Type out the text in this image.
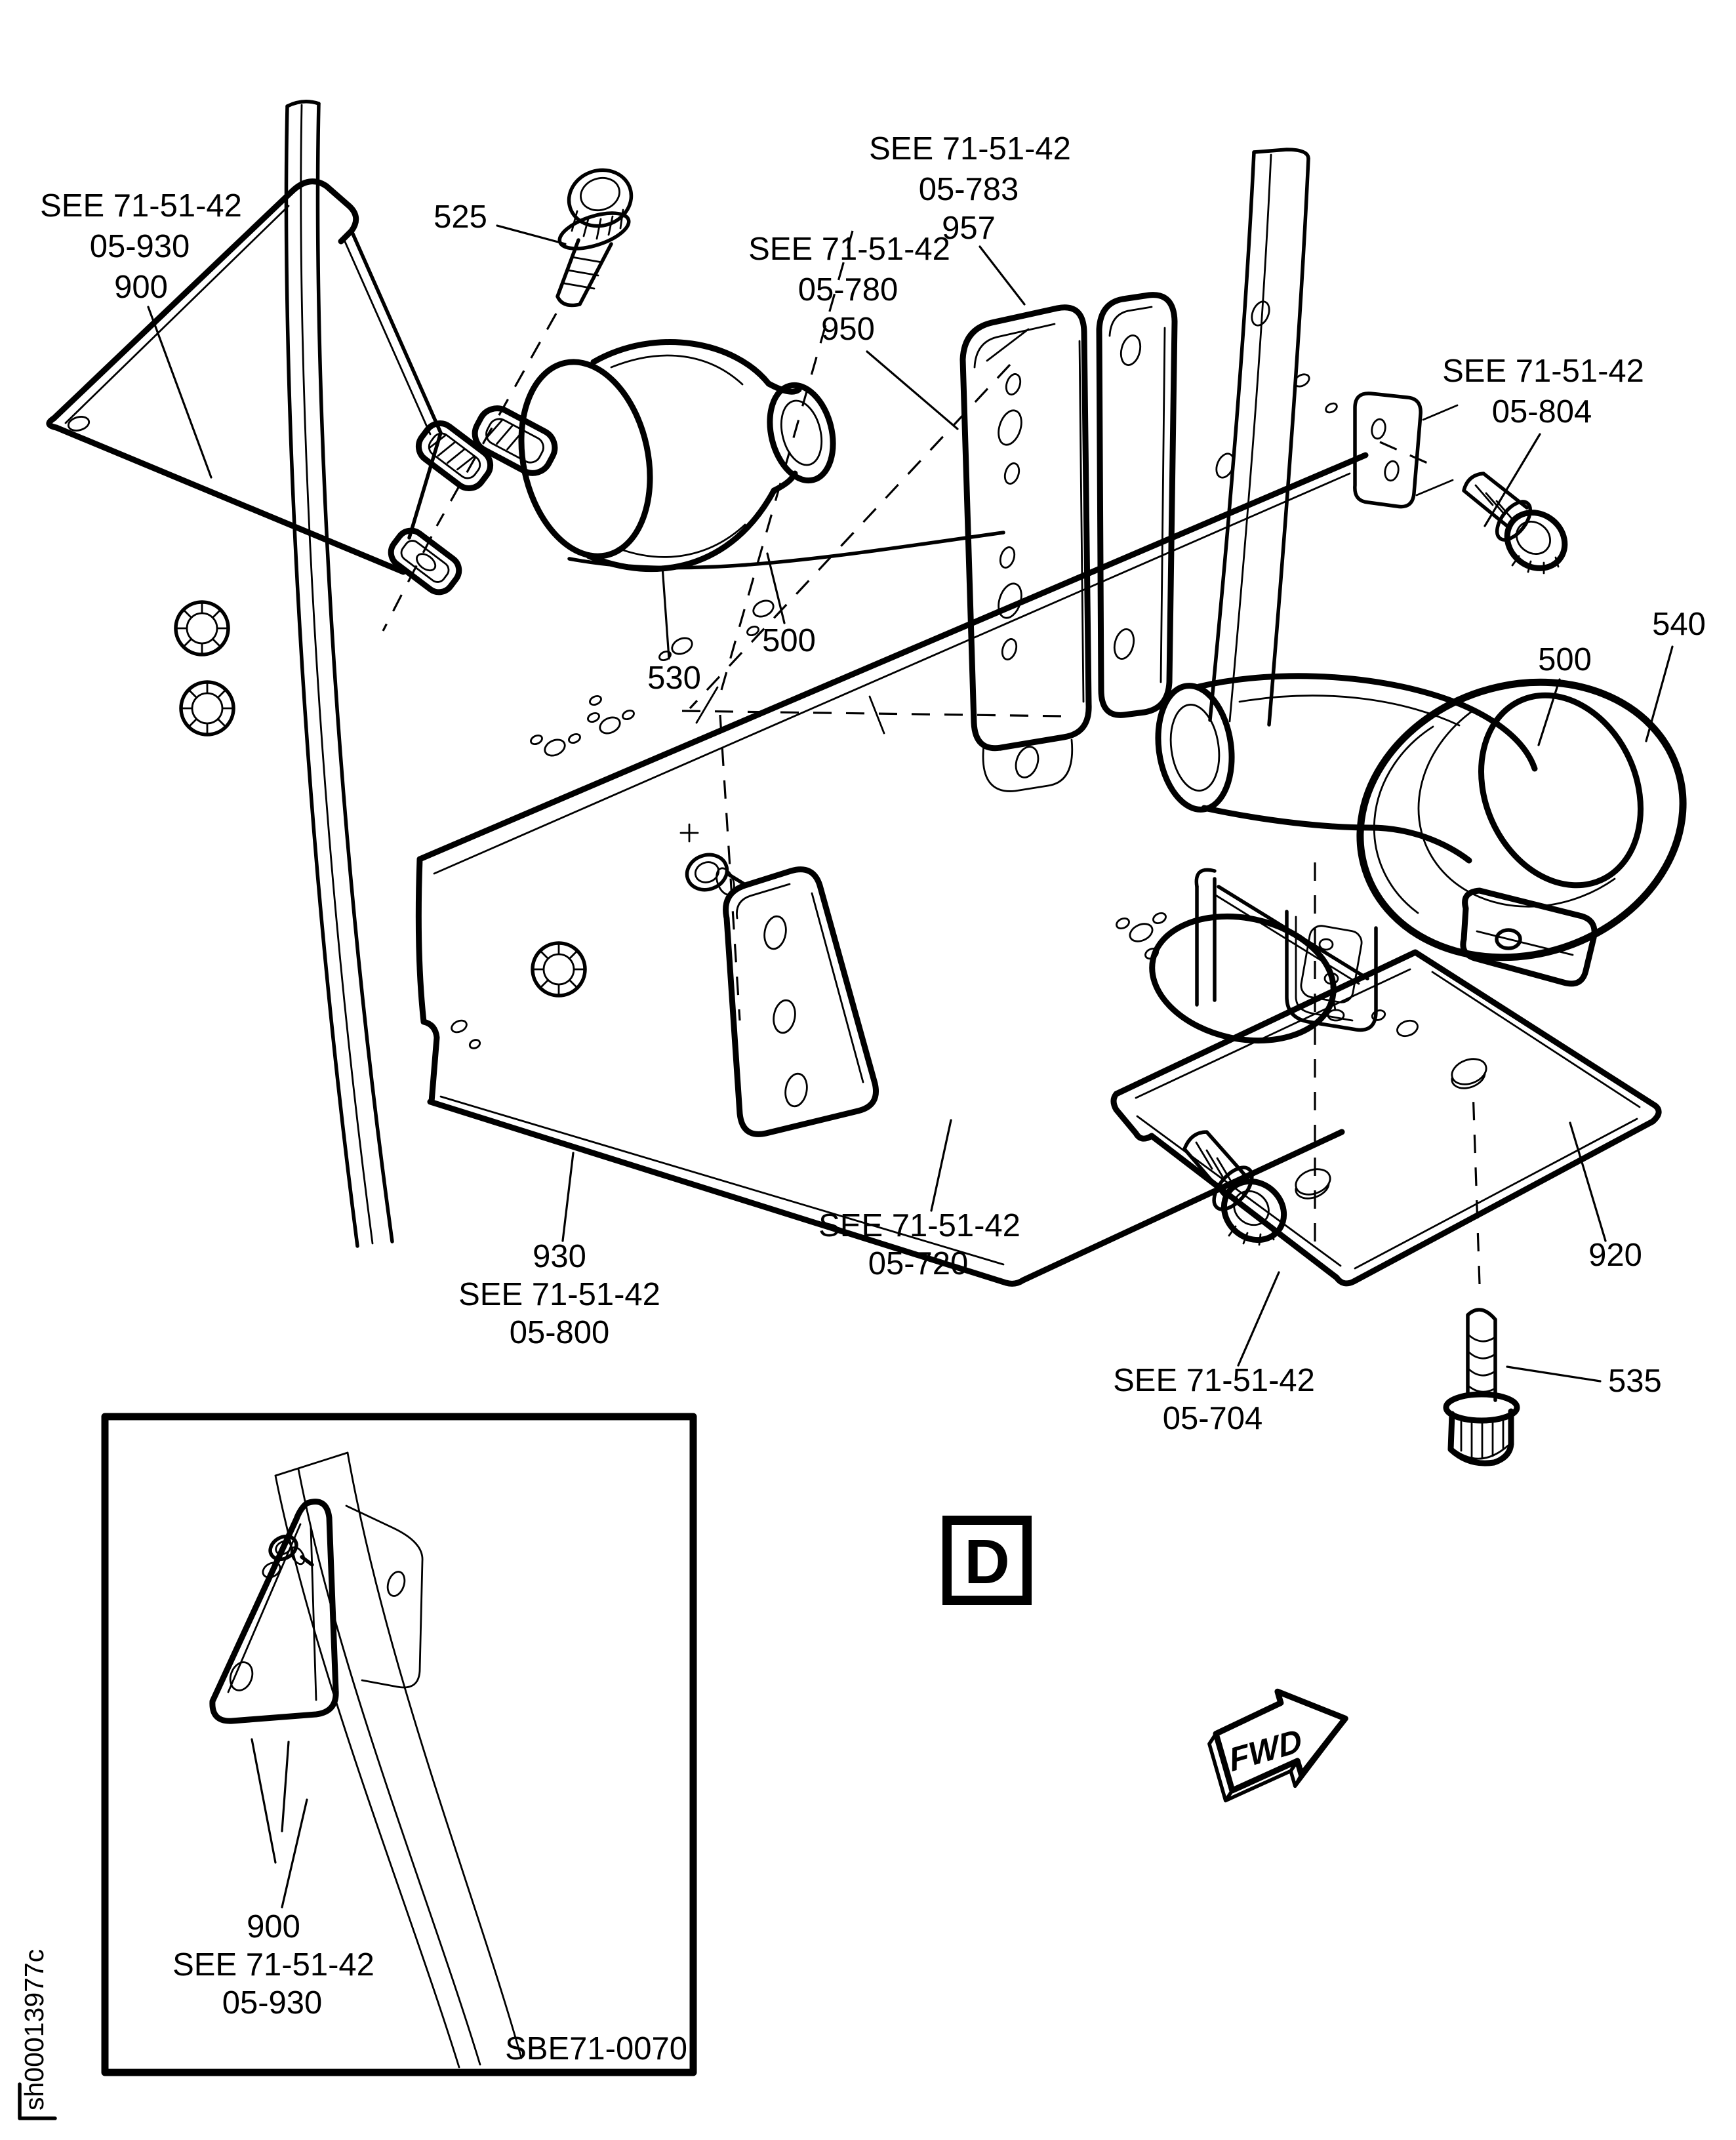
D
FWD
sh00013977c
SEE 71-51-42
05-930
900
525
SEE 71-51-42
05-783
957
SEE 71-51-42
05-780
950
SEE 71-51-42
05-804
530
500
500
540
930
SEE 71-51-42
05-800
SEE 71-51-42
05-720	920
SEE 71-51-42
05-704
535
900
SEE 71-51-42
05-930
SBE71-0070
